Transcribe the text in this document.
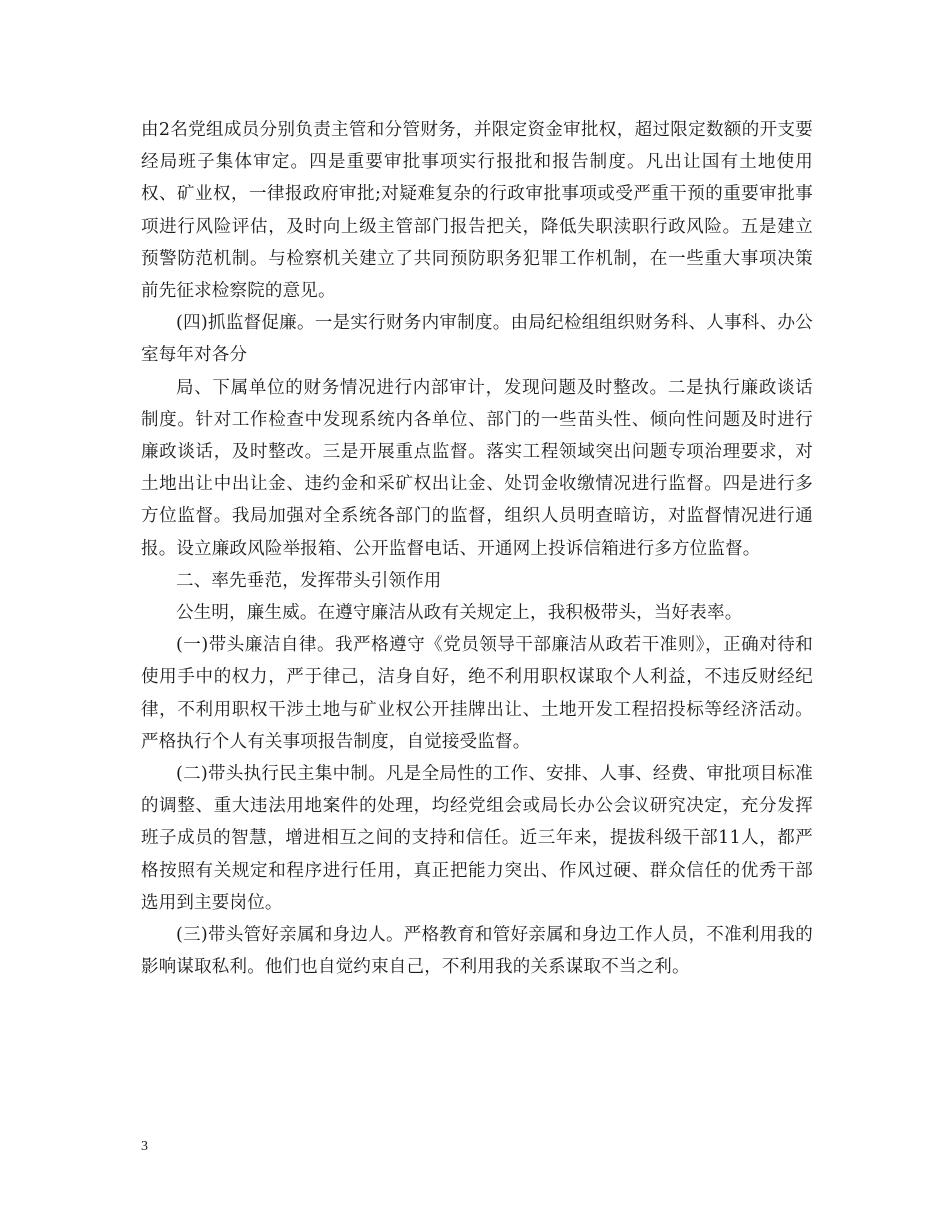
由2名党组成员分别负责主管和分管财务，并限定资金审批权，超过限定数额的开支要经局班子集体审定。四是重要审批事项实行报批和报告制度。凡出让国有土地使用权、矿业权，一律报政府审批;对疑难复杂的行政审批事项或受严重干预的重要审批事项进行风险评估，及时向上级主管部门报告把关，降低失职渎职行政风险。五是建立预警防范机制。与检察机关建立了共同预防职务犯罪工作机制，在一些重大事项决策前先征求检察院的意见。

(四)抓监督促廉。一是实行财务内审制度。由局纪检组组织财务科、人事科、办公室每年对各分

局、下属单位的财务情况进行内部审计，发现问题及时整改。二是执行廉政谈话制度。针对工作检查中发现系统内各单位、部门的一些苗头性、倾向性问题及时进行廉政谈话，及时整改。三是开展重点监督。落实工程领域突出问题专项治理要求，对土地出让中出让金、违约金和采矿权出让金、处罚金收缴情况进行监督。四是进行多方位监督。我局加强对全系统各部门的监督，组织人员明查暗访，对监督情况进行通报。设立廉政风险举报箱、公开监督电话、开通网上投诉信箱进行多方位监督。

二、率先垂范，发挥带头引领作用

公生明，廉生威。在遵守廉洁从政有关规定上，我积极带头，当好表率。

(一)带头廉洁自律。我严格遵守《党员领导干部廉洁从政若干准则》，正确对待和使用手中的权力，严于律己，洁身自好，绝不利用职权谋取个人利益，不违反财经纪律，不利用职权干涉土地与矿业权公开挂牌出让、土地开发工程招投标等经济活动。严格执行个人有关事项报告制度，自觉接受监督。

(二)带头执行民主集中制。凡是全局性的工作、安排、人事、经费、审批项目标准的调整、重大违法用地案件的处理，均经党组会或局长办公会议研究决定，充分发挥班子成员的智慧，增进相互之间的支持和信任。近三年来，提拔科级干部11人，都严格按照有关规定和程序进行任用，真正把能力突出、作风过硬、群众信任的优秀干部选用到主要岗位。

(三)带头管好亲属和身边人。严格教育和管好亲属和身边工作人员，不准利用我的影响谋取私利。他们也自觉约束自己，不利用我的关系谋取不当之利。

3
